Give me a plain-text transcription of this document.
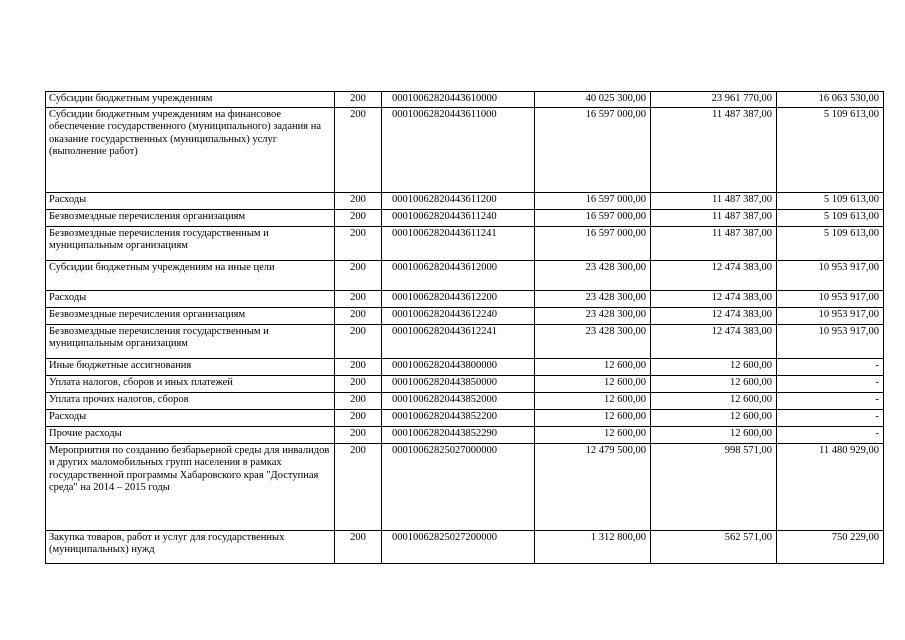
Субсидии бюджетным учреждениям	200	00010062820443610000	40 025 300,00	23 961 770,00	16 063 530,00
Субсидии бюджетным учреждениям на финансовое обеспечение государственного (муниципального) задания на оказание государственных (муниципальных) услуг (выполнение работ)	200	00010062820443611000	16 597 000,00	11 487 387,00	5 109 613,00
Расходы	200	00010062820443611200	16 597 000,00	11 487 387,00	5 109 613,00
Безвозмездные перечисления организациям	200	00010062820443611240	16 597 000,00	11 487 387,00	5 109 613,00
Безвозмездные перечисления государственным и муниципальным организациям	200	00010062820443611241	16 597 000,00	11 487 387,00	5 109 613,00
Субсидии бюджетным учреждениям на иные цели	200	00010062820443612000	23 428 300,00	12 474 383,00	10 953 917,00
Расходы	200	00010062820443612200	23 428 300,00	12 474 383,00	10 953 917,00
Безвозмездные перечисления организациям	200	00010062820443612240	23 428 300,00	12 474 383,00	10 953 917,00
Безвозмездные перечисления государственным и муниципальным организациям	200	00010062820443612241	23 428 300,00	12 474 383,00	10 953 917,00
Иные бюджетные ассигнования	200	00010062820443800000	12 600,00	12 600,00	-
Уплата налогов, сборов и иных платежей	200	00010062820443850000	12 600,00	12 600,00	-
Уплата прочих налогов, сборов	200	00010062820443852000	12 600,00	12 600,00	-
Расходы	200	00010062820443852200	12 600,00	12 600,00	-
Прочие расходы	200	00010062820443852290	12 600,00	12 600,00	-
Мероприятия по созданию безбарьерной среды для инвалидов и других маломобильных групп населения в рамках государственной программы Хабаровского края "Доступная среда" на 2014 – 2015 годы	200	00010062825027000000	12 479 500,00	998 571,00	11 480 929,00
Закупка товаров, работ и услуг для государственных (муниципальных) нужд	200	00010062825027200000	1 312 800,00	562 571,00	750 229,00
